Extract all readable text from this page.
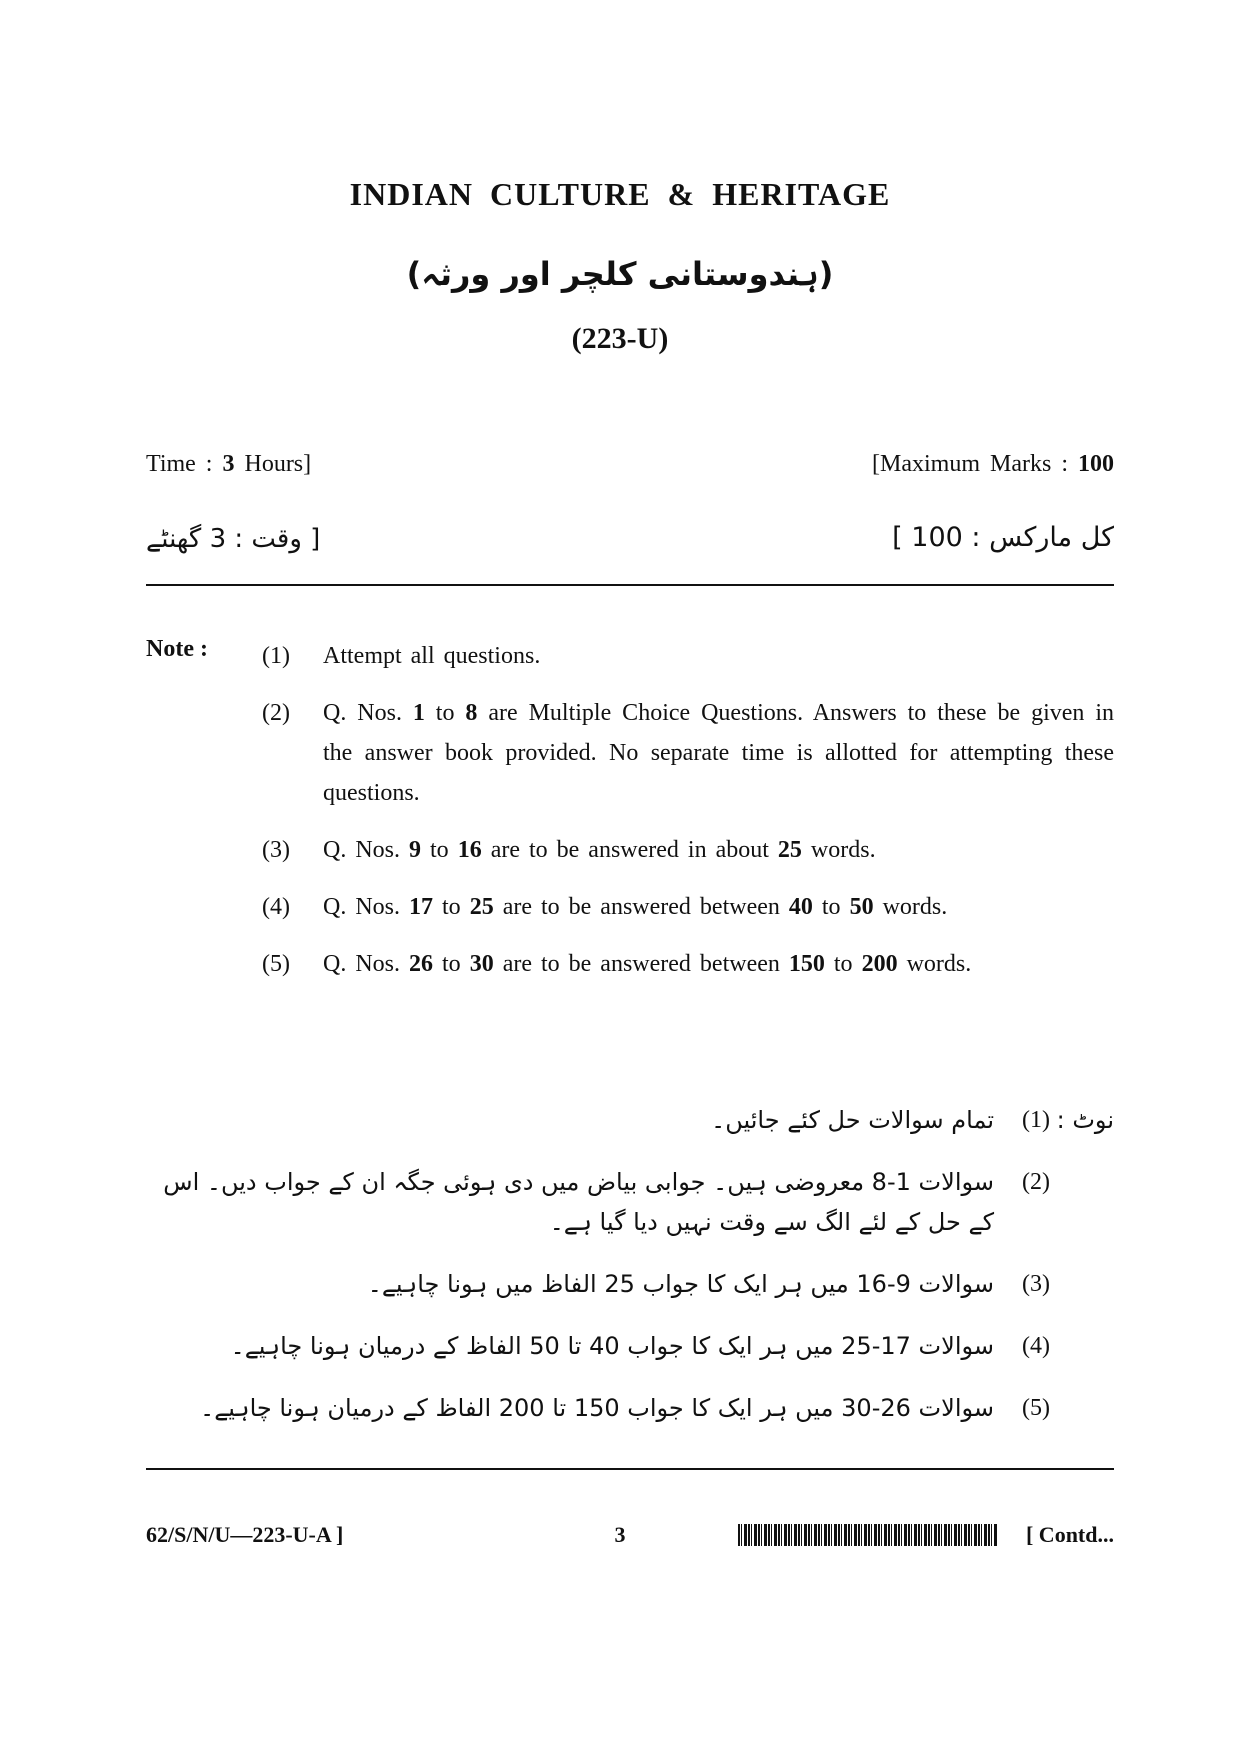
INDIAN CULTURE & HERITAGE
(ہندوستانی کلچر اور ورثہ)
(223-U)
Time : 3 Hours]	[Maximum Marks : 100
[ وقت : 3 گھنٹے	کل مارکس : 100 ]
Note : (1)	Attempt all questions.
(2)	Q. Nos. 1 to 8 are Multiple Choice Questions. Answers to these be given in the answer book provided. No separate time is allotted for attempting these questions.
(3)	Q. Nos. 9 to 16 are to be answered in about 25 words.
(4)	Q. Nos. 17 to 25 are to be answered between 40 to 50 words.
(5)	Q. Nos. 26 to 30 are to be answered between 150 to 200 words.
نوٹ :
(1)
تمام سوالات حل کئے جائیں۔
(2)
سوالات 1-8 معروضی ہیں۔ جوابی بیاض میں دی ہوئی جگہ ان کے جواب دیں۔ اس کے حل کے لئے الگ سے وقت نہیں دیا گیا ہے۔
(3)
سوالات 9-16 میں ہر ایک کا جواب 25 الفاظ میں ہونا چاہیے۔
(4)
سوالات 17-25 میں ہر ایک کا جواب 40 تا 50 الفاظ کے درمیان ہونا چاہیے۔
(5)
سوالات 26-30 میں ہر ایک کا جواب 150 تا 200 الفاظ کے درمیان ہونا چاہیے۔
62/S/N/U—223-U-A ]	3	[ Contd...
